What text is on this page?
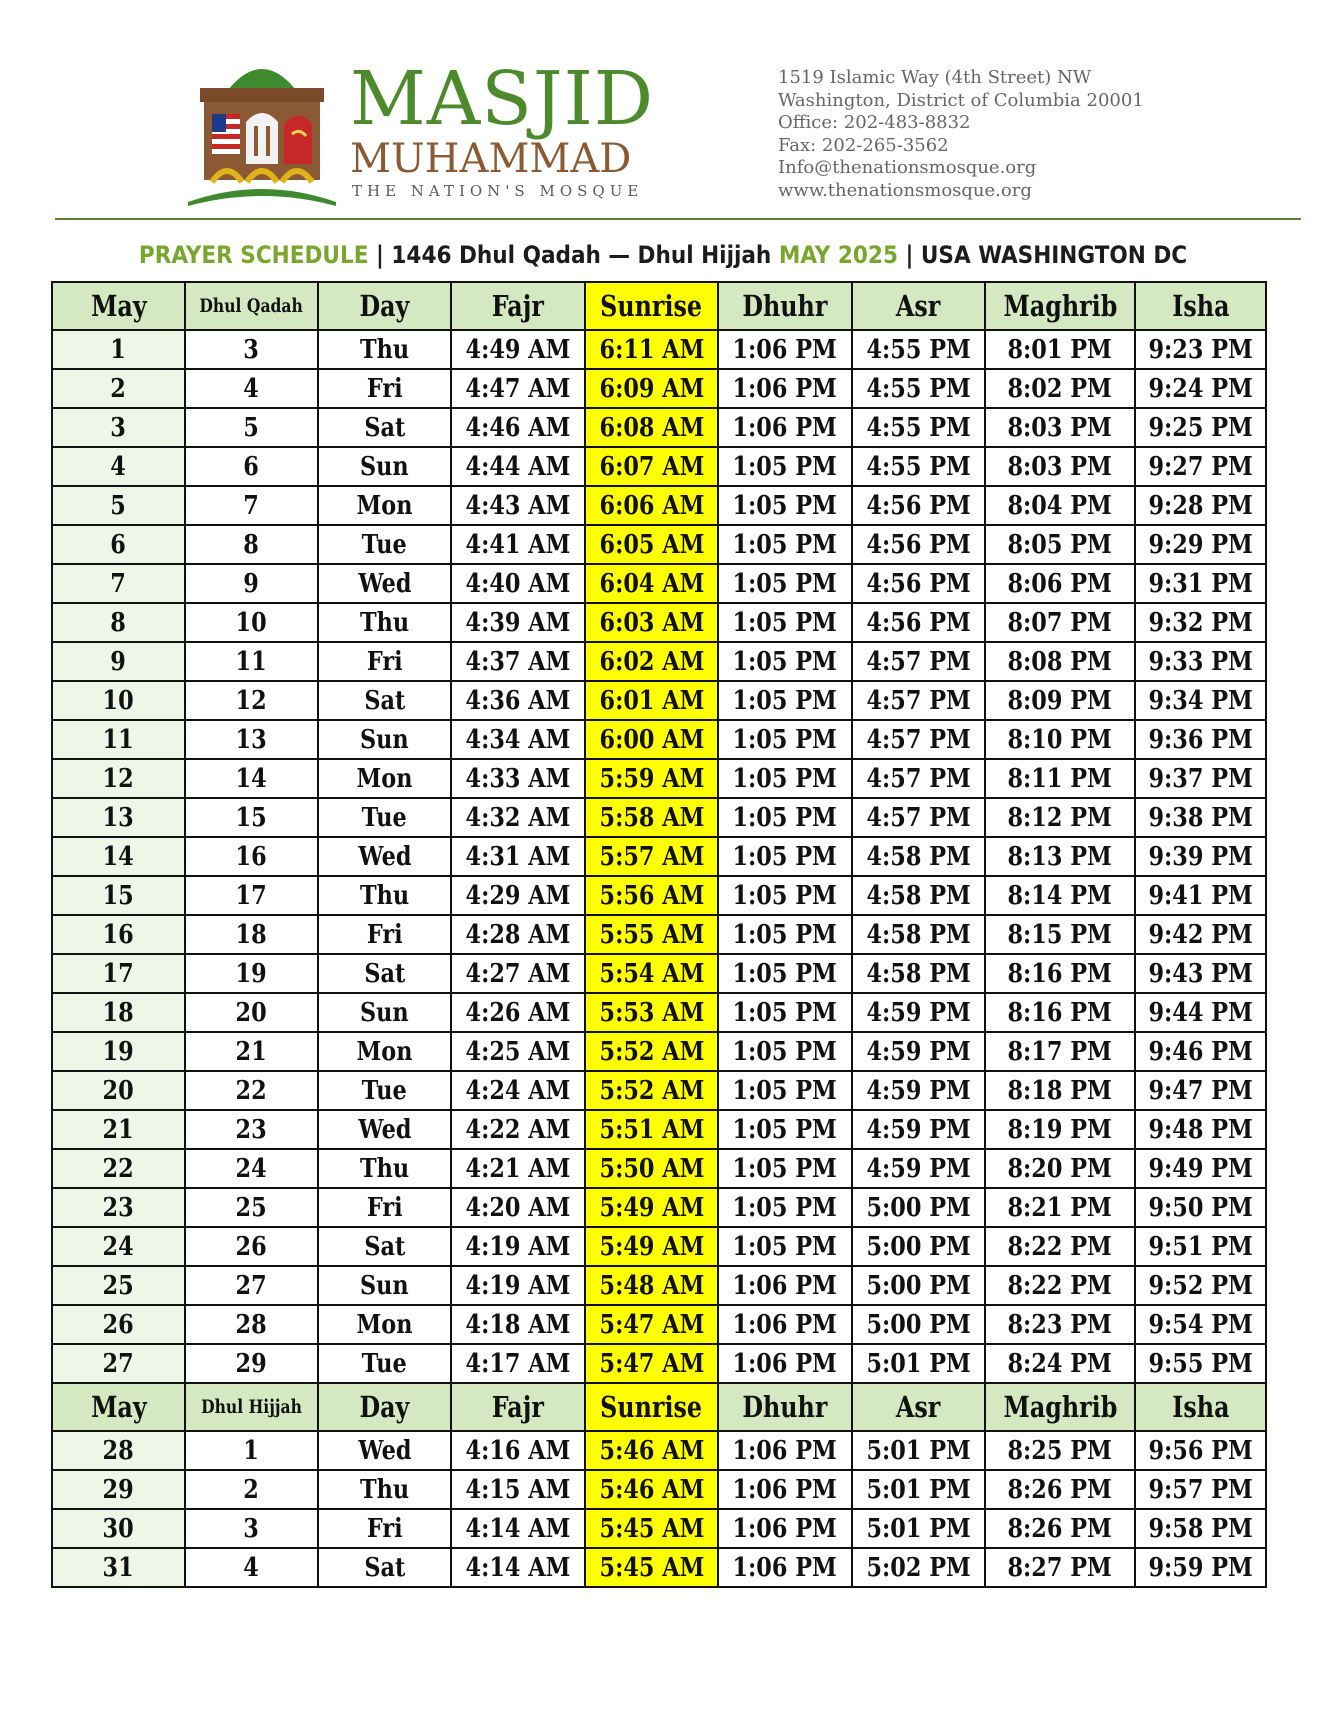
MASJID
MUHAMMAD
THE NATION'S MOSQUE
1519 Islamic Way (4th Street) NW
Washington, District of Columbia 20001
Office: 202-483-8832
Fax: 202-265-3562
Info@thenationsmosque.org
www.thenationsmosque.org
PRAYER SCHEDULE | 1446 Dhul Qadah — Dhul Hijjah MAY 2025 | USA WASHINGTON DC
May	Dhul Qadah	Day	Fajr	Sunrise	Dhuhr	Asr	Maghrib	Isha
1	3	Thu	4:49 AM	6:11 AM	1:06 PM	4:55 PM	8:01 PM	9:23 PM
2	4	Fri	4:47 AM	6:09 AM	1:06 PM	4:55 PM	8:02 PM	9:24 PM
3	5	Sat	4:46 AM	6:08 AM	1:06 PM	4:55 PM	8:03 PM	9:25 PM
4	6	Sun	4:44 AM	6:07 AM	1:05 PM	4:55 PM	8:03 PM	9:27 PM
5	7	Mon	4:43 AM	6:06 AM	1:05 PM	4:56 PM	8:04 PM	9:28 PM
6	8	Tue	4:41 AM	6:05 AM	1:05 PM	4:56 PM	8:05 PM	9:29 PM
7	9	Wed	4:40 AM	6:04 AM	1:05 PM	4:56 PM	8:06 PM	9:31 PM
8	10	Thu	4:39 AM	6:03 AM	1:05 PM	4:56 PM	8:07 PM	9:32 PM
9	11	Fri	4:37 AM	6:02 AM	1:05 PM	4:57 PM	8:08 PM	9:33 PM
10	12	Sat	4:36 AM	6:01 AM	1:05 PM	4:57 PM	8:09 PM	9:34 PM
11	13	Sun	4:34 AM	6:00 AM	1:05 PM	4:57 PM	8:10 PM	9:36 PM
12	14	Mon	4:33 AM	5:59 AM	1:05 PM	4:57 PM	8:11 PM	9:37 PM
13	15	Tue	4:32 AM	5:58 AM	1:05 PM	4:57 PM	8:12 PM	9:38 PM
14	16	Wed	4:31 AM	5:57 AM	1:05 PM	4:58 PM	8:13 PM	9:39 PM
15	17	Thu	4:29 AM	5:56 AM	1:05 PM	4:58 PM	8:14 PM	9:41 PM
16	18	Fri	4:28 AM	5:55 AM	1:05 PM	4:58 PM	8:15 PM	9:42 PM
17	19	Sat	4:27 AM	5:54 AM	1:05 PM	4:58 PM	8:16 PM	9:43 PM
18	20	Sun	4:26 AM	5:53 AM	1:05 PM	4:59 PM	8:16 PM	9:44 PM
19	21	Mon	4:25 AM	5:52 AM	1:05 PM	4:59 PM	8:17 PM	9:46 PM
20	22	Tue	4:24 AM	5:52 AM	1:05 PM	4:59 PM	8:18 PM	9:47 PM
21	23	Wed	4:22 AM	5:51 AM	1:05 PM	4:59 PM	8:19 PM	9:48 PM
22	24	Thu	4:21 AM	5:50 AM	1:05 PM	4:59 PM	8:20 PM	9:49 PM
23	25	Fri	4:20 AM	5:49 AM	1:05 PM	5:00 PM	8:21 PM	9:50 PM
24	26	Sat	4:19 AM	5:49 AM	1:05 PM	5:00 PM	8:22 PM	9:51 PM
25	27	Sun	4:19 AM	5:48 AM	1:06 PM	5:00 PM	8:22 PM	9:52 PM
26	28	Mon	4:18 AM	5:47 AM	1:06 PM	5:00 PM	8:23 PM	9:54 PM
27	29	Tue	4:17 AM	5:47 AM	1:06 PM	5:01 PM	8:24 PM	9:55 PM
May	Dhul Hijjah	Day	Fajr	Sunrise	Dhuhr	Asr	Maghrib	Isha
28	1	Wed	4:16 AM	5:46 AM	1:06 PM	5:01 PM	8:25 PM	9:56 PM
29	2	Thu	4:15 AM	5:46 AM	1:06 PM	5:01 PM	8:26 PM	9:57 PM
30	3	Fri	4:14 AM	5:45 AM	1:06 PM	5:01 PM	8:26 PM	9:58 PM
31	4	Sat	4:14 AM	5:45 AM	1:06 PM	5:02 PM	8:27 PM	9:59 PM
